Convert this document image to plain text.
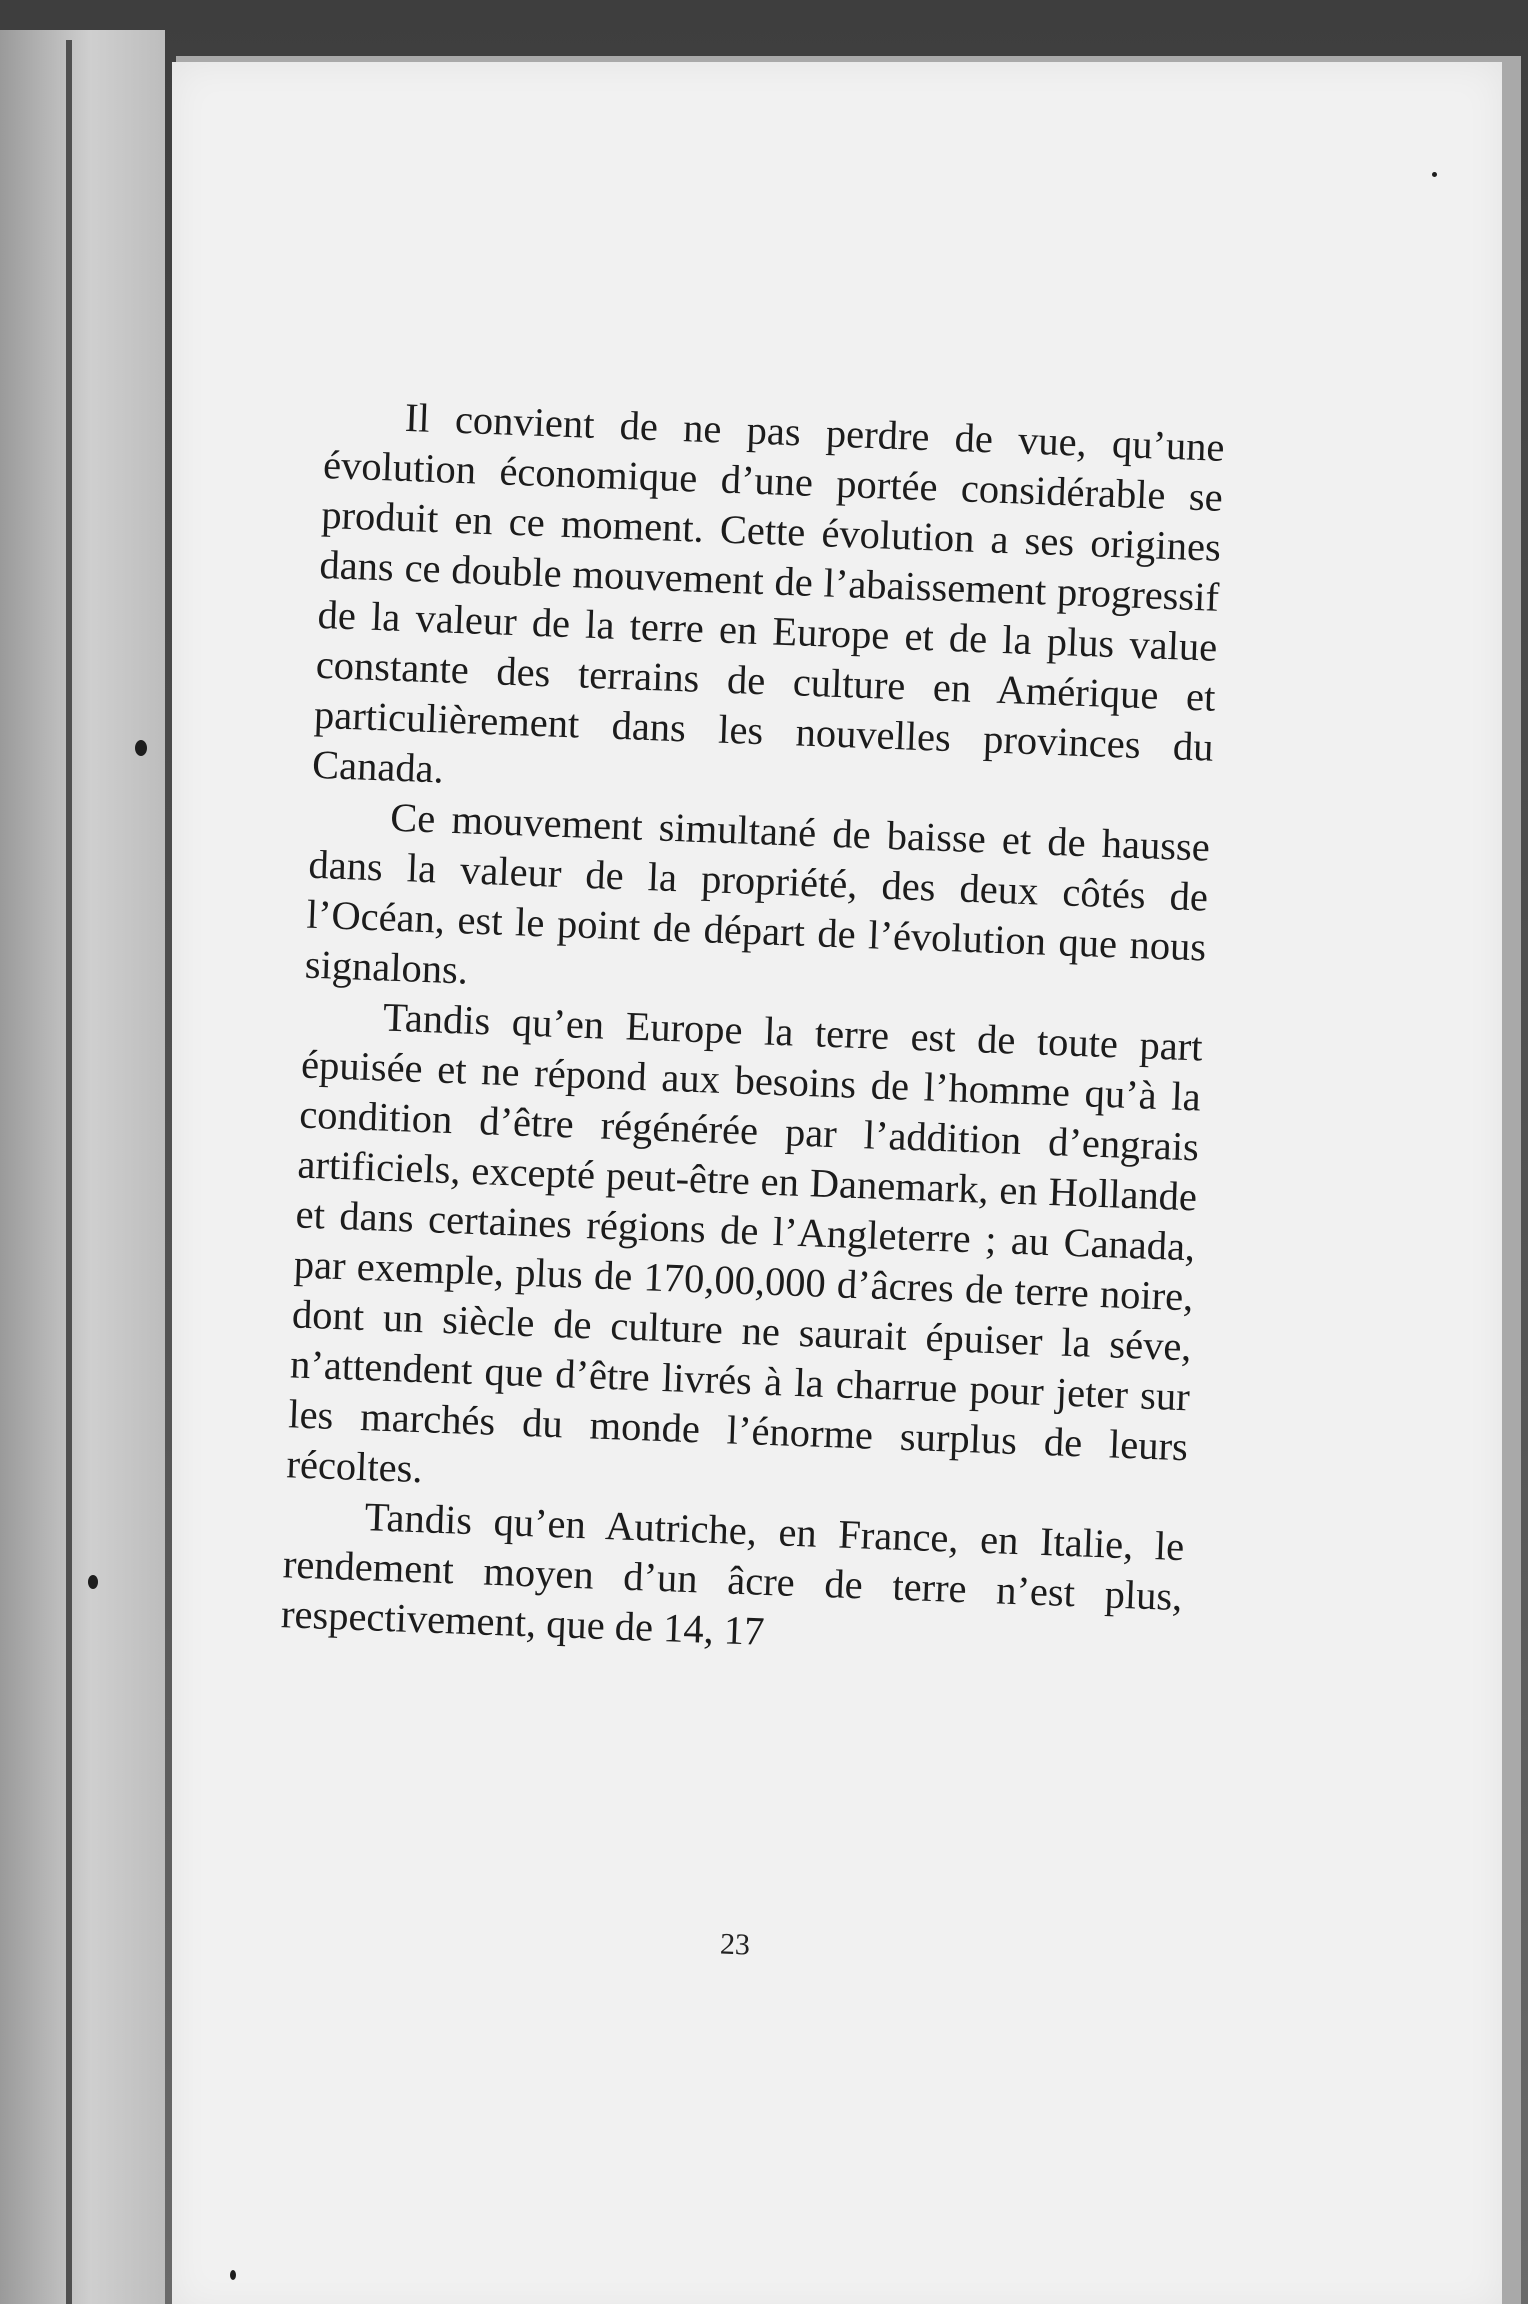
Il convient de ne pas perdre de vue, qu’une évolution économique d’une portée considérable se produit en ce moment. Cette évolution a ses origines dans ce double mouvement de l’abaissement progressif de la valeur de la terre en Europe et de la plus value constante des terrains de culture en Amérique et particulièrement dans les nouvelles provinces du Canada.

Ce mouvement simultané de baisse et de hausse dans la valeur de la propriété, des deux côtés de l’Océan, est le point de départ de l’évolution que nous signalons.

Tandis qu’en Europe la terre est de toute part épuisée et ne répond aux besoins de l’homme qu’à la condition d’être régénérée par l’addition d’engrais artificiels, excepté peut-être en Danemark, en Hollande et dans certaines régions de l’Angleterre ; au Canada, par exemple, plus de 170,00,000 d’âcres de terre noire, dont un siècle de culture ne saurait épuiser la séve, n’attendent que d’être livrés à la charrue pour jeter sur les marchés du monde l’énorme surplus de leurs récoltes.

Tandis qu’en Autriche, en France, en Italie, le rendement moyen d’un âcre de terre n’est plus, respectivement, que de 14, 17

23
